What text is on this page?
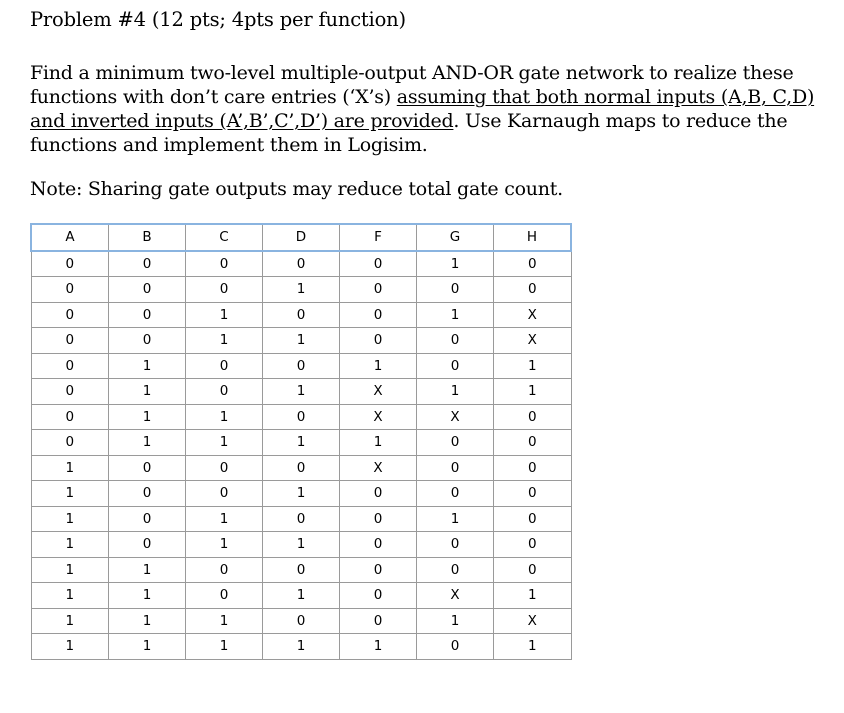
Problem #4 (12 pts; 4pts per function)
Find a minimum two-level multiple-output AND-OR gate network to realize these
functions with don’t care entries (‘X’s) assuming that both normal inputs (A,B, C,D)
and inverted inputs (A’,B’,C’,D’) are provided. Use Karnaugh maps to reduce the
functions and implement them in Logisim.
Note: Sharing gate outputs may reduce total gate count.
A	B	C	D	F	G	H
0	0	0	0	0	1	0
0	0	0	1	0	0	0
0	0	1	0	0	1	X
0	0	1	1	0	0	X
0	1	0	0	1	0	1
0	1	0	1	X	1	1
0	1	1	0	X	X	0
0	1	1	1	1	0	0
1	0	0	0	X	0	0
1	0	0	1	0	0	0
1	0	1	0	0	1	0
1	0	1	1	0	0	0
1	1	0	0	0	0	0
1	1	0	1	0	X	1
1	1	1	0	0	1	X
1	1	1	1	1	0	1
